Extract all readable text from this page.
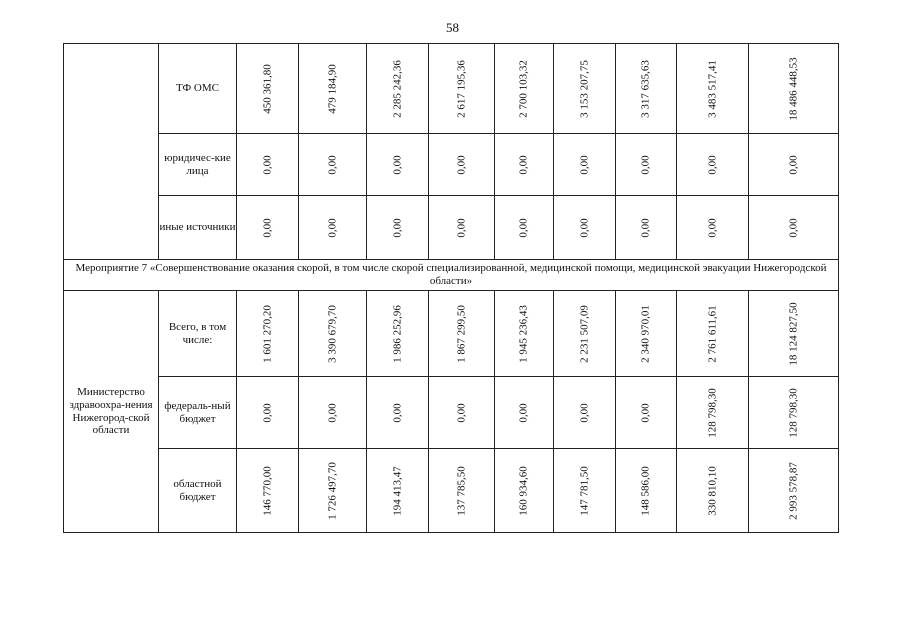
58
	ТФ ОМС	450 361,80	479 184,90	2 285 242,36	2 617 195,36	2 700 103,32	3 153 207,75	3 317 635,63	3 483 517,41	18 486 448,53

	юридичес-кие лица	0,00	0,00	0,00	0,00	0,00	0,00	0,00	0,00	0,00

	иные источники	0,00	0,00	0,00	0,00	0,00	0,00	0,00	0,00	0,00

Мероприятие 7 «Совершенствование оказания скорой, в том числе скорой специализированной, медицинской помощи, медицинской эвакуации Нижегородской области»										
Министерство здравоохра-нения Нижегород-ской области	Всего, в том числе:	1 601 270,20	3 390 679,70	1 986 252,96	1 867 299,50	1 945 236,43	2 231 507,09	2 340 970,01	2 761 611,61	18 124 827,50

	федераль-ный бюджет	0,00	0,00	0,00	0,00	0,00	0,00	0,00	128 798,30	128 798,30

	областной бюджет	146 770,00	1 726 497,70	194 413,47	137 785,50	160 934,60	147 781,50	148 586,00	330 810,10	2 993 578,87
